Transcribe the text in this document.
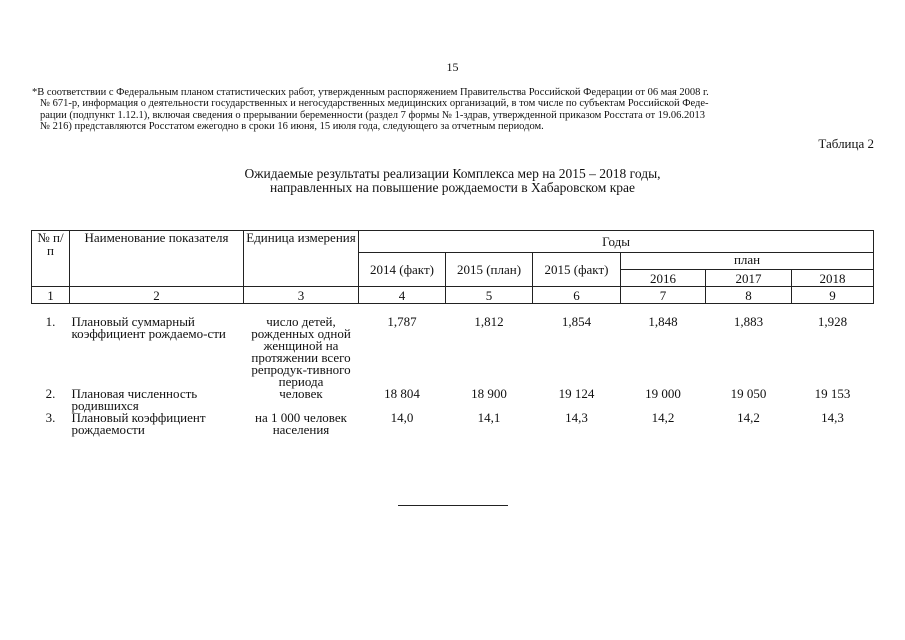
15
*В соответствии с Федеральным планом статистических работ, утвержденным распоряжением Правительства Российской Федерации от 06 мая 2008 г.
№ 671-р, информация о деятельности государственных и негосударственных медицинских организаций, в том числе по субъектам Российской Феде-
рации (подпункт 1.12.1), включая сведения о прерывании беременности (раздел 7 формы № 1-здрав, утвержденной приказом Росстата от 19.06.2013
№ 216) представляются Росстатом ежегодно в сроки 16 июня, 15 июля года, следующего за отчетным периодом.
Таблица 2
Ожидаемые результаты реализации Комплекса мер на 2015 – 2018 годы,
направленных на повышение рождаемости в Хабаровском крае
№ п/п	Наименование показателя	Единица измерения	Годы					
			2014 (факт)	2015 (план)	2015 (факт)	план		
						2016	2017	2018
1	2	3	4	5	6	7	8	9

1.	Плановый суммарный коэффициент рождаемо-сти	число детей, рожденных одной женщиной на протяжении всего репродук-тивного периода	1,787	1,812	1,854	1,848	1,883	1,928
2.	Плановая численность родившихся	человек	18 804	18 900	19 124	19 000	19 050	19 153
3.	Плановый коэффициент рождаемости	на 1 000 человек населения	14,0	14,1	14,3	14,2	14,2	14,3
